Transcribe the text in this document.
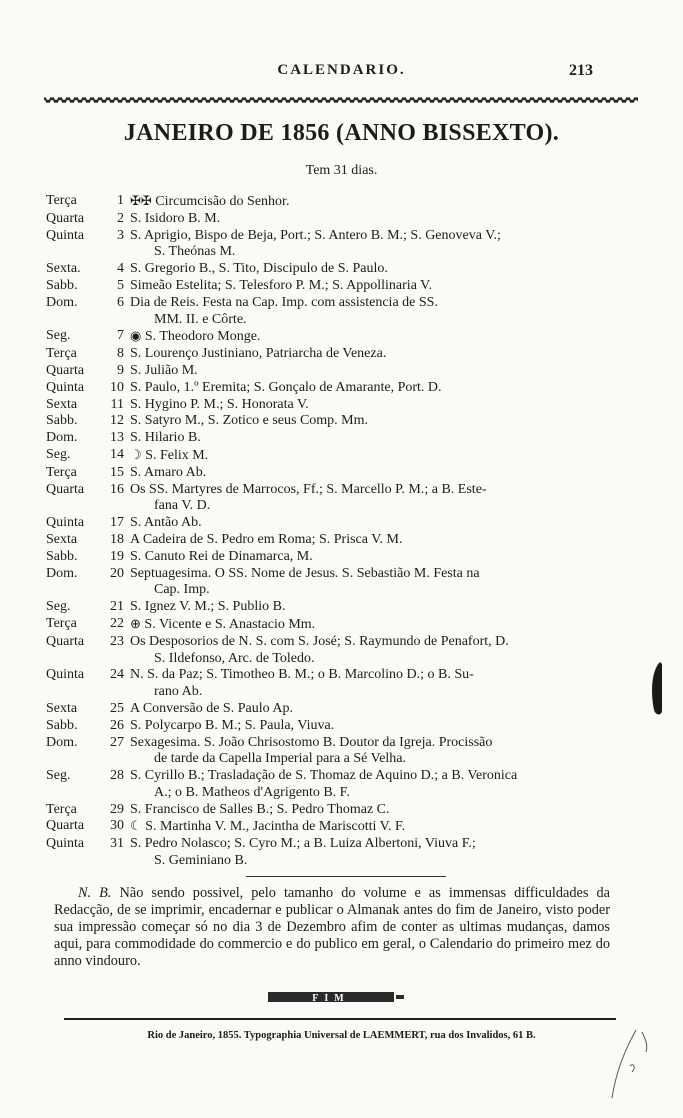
CALENDARIO.	213
JANEIRO DE 1856 (ANNO BISSEXTO).
Tem 31 dias.
Terça	1 ✠✠ Circumcisão do Senhor.
Quarta	2 S. Isidoro B. M.
Quinta	3 S. Aprigio, Bispo de Beja, Port.; S. Antero B. M.; S. Genoveva V.;
S. Theónas M.
Sexta.	4 S. Gregorio B., S. Tito, Discipulo de S. Paulo.
Sabb.	5 Simeão Estelita; S. Telesforo P. M.; S. Appollinaria V.
Dom.	6 Dia de Reis. Festa na Cap. Imp. com assistencia de SS.
MM. II. e Côrte.
Seg.	7 ◉ S. Theodoro Monge.
Terça	8 S. Lourenço Justiniano, Patriarcha de Veneza.
Quarta	9 S. Julião M.
Quinta	10 S. Paulo, 1.º Eremita; S. Gonçalo de Amarante, Port. D.
Sexta	11 S. Hygino P. M.; S. Honorata V.
Sabb.	12 S. Satyro M., S. Zotico e seus Comp. Mm.
Dom.	13 S. Hilario B.
Seg.	14 ☽ S. Felix M.
Terça	15 S. Amaro Ab.
Quarta	16 Os SS. Martyres de Marrocos, Ff.; S. Marcello P. M.; a B. Este-
fana V. D.
Quinta	17 S. Antão Ab.
Sexta	18 A Cadeira de S. Pedro em Roma; S. Prisca V. M.
Sabb.	19 S. Canuto Rei de Dinamarca, M.
Dom.	20 Septuagesima. O SS. Nome de Jesus. S. Sebastião M. Festa na
Cap. Imp.
Seg.	21 S. Ignez V. M.; S. Publio B.
Terça	22 ⊕ S. Vicente e S. Anastacio Mm.
Quarta	23 Os Desposorios de N. S. com S. José; S. Raymundo de Penafort, D.
S. Ildefonso, Arc. de Toledo.
Quinta	24 N. S. da Paz; S. Timotheo B. M.; o B. Marcolino D.; o B. Su-
rano Ab.
Sexta	25 A Conversão de S. Paulo Ap.
Sabb.	26 S. Polycarpo B. M.; S. Paula, Viuva.
Dom.	27 Sexagesima. S. João Chrisostomo B. Doutor da Igreja. Procissão
de tarde da Capella Imperial para a Sé Velha.
Seg.	28 S. Cyrillo B.; Trasladação de S. Thomaz de Aquino D.; a B. Veronica
A.; o B. Matheos d'Agrigento B. F.
Terça	29 S. Francisco de Salles B.; S. Pedro Thomaz C.
Quarta	30 ☾ S. Martinha V. M., Jacintha de Mariscotti V. F.
Quinta	31 S. Pedro Nolasco; S. Cyro M.; a B. Luiza Albertoni, Viuva F.;
S. Geminiano B.
N. B. Não sendo possivel, pelo tamanho do volume e as immensas difficuldades da Redacção, de se imprimir, encadernar e publicar o Almanak antes do fim de Janeiro, visto poder sua impressão começar só no dia 3 de Dezembro afim de conter as ultimas mudanças, damos aqui, para commodidade do commercio e do publico em geral, o Calendario do primeiro mez do anno vindouro.
FIM
Rio de Janeiro, 1855. Typographia Universal de LAEMMERT, rua dos Invalidos, 61 B.
